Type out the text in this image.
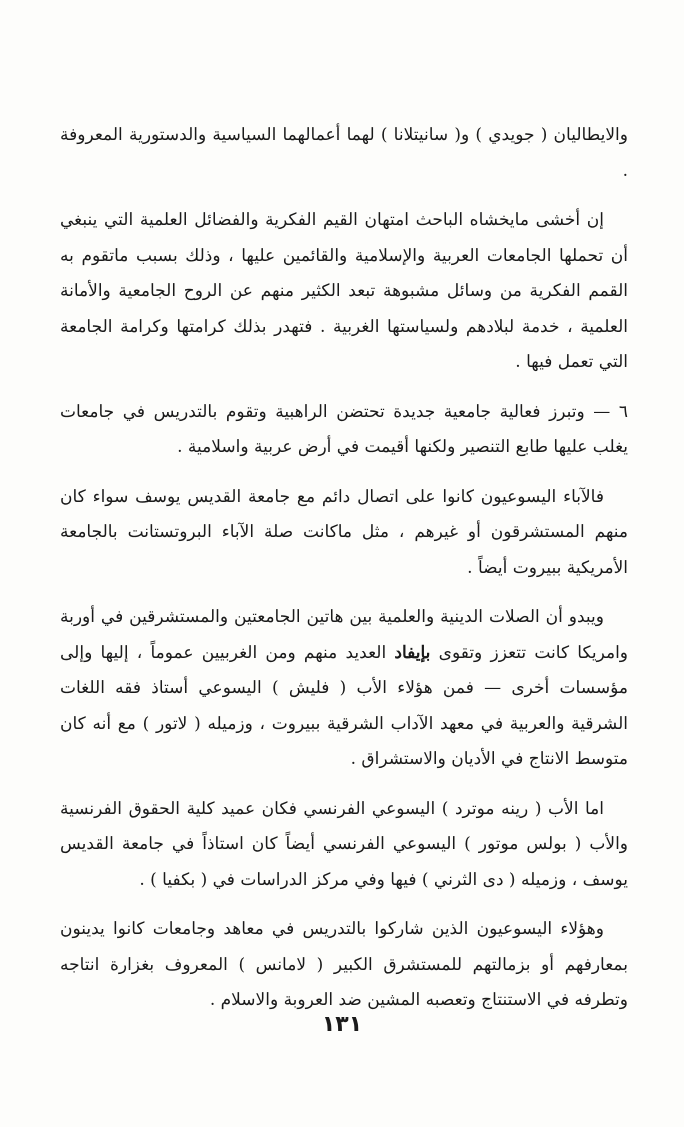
والايطاليان ( جويدي ) و( سانيتلانا ) لهما أعمالهما السياسية والدستورية المعروفة .

إن أخشى مايخشاه الباحث امتهان القيم الفكرية والفضائل العلمية التي ينبغي أن تحملها الجامعات العربية والإسلامية والقائمين عليها ، وذلك بسبب ماتقوم به القمم الفكرية من وسائل مشبوهة تبعد الكثير منهم عن الروح الجامعية والأمانة العلمية ، خدمة لبلادهم ولسياستها الغربية . فتهدر بذلك كرامتها وكرامة الجامعة التي تعمل فيها .

٦ — وتبرز فعالية جامعية جديدة تحتضن الراهبية وتقوم بالتدريس في جامعات يغلب عليها طابع التنصير ولكنها أقيمت في أرض عربية واسلامية .

فالآباء اليسوعيون كانوا على اتصال دائم مع جامعة القديس يوسف سواء كان منهم المستشرقون أو غيرهم ، مثل ماكانت صلة الآباء البروتستانت بالجامعة الأمريكية ببيروت أيضاً .

ويبدو أن الصلات الدينية والعلمية بين هاتين الجامعتين والمستشرقين في أوربة وامريكا كانت تتعزز وتقوى بإيفاد العديد منهم ومن الغربيين عموماً ، إليها وإلى مؤسسات أخرى — فمن هؤلاء الأب ( فليش ) اليسوعي أستاذ فقه اللغات الشرقية والعربية في معهد الآداب الشرقية ببيروت ، وزميله ( لاتور ) مع أنه كان متوسط الانتاج في الأديان والاستشراق .

اما الأب ( رينه موترد ) اليسوعي الفرنسي فكان عميد كلية الحقوق الفرنسية والأب ( بولس موتور ) اليسوعي الفرنسي أيضاً كان استاذاً في جامعة القديس يوسف ، وزميله ( دى الثرني ) فيها وفي مركز الدراسات في ( بكفيا ) .

وهؤلاء اليسوعيون الذين شاركوا بالتدريس في معاهد وجامعات كانوا يدينون بمعارفهم أو بزمالتهم للمستشرق الكبير ( لامانس ) المعروف بغزارة انتاجه وتطرفه في الاستنتاج وتعصبه المشين ضد العروبة والاسلام .

١٣١
